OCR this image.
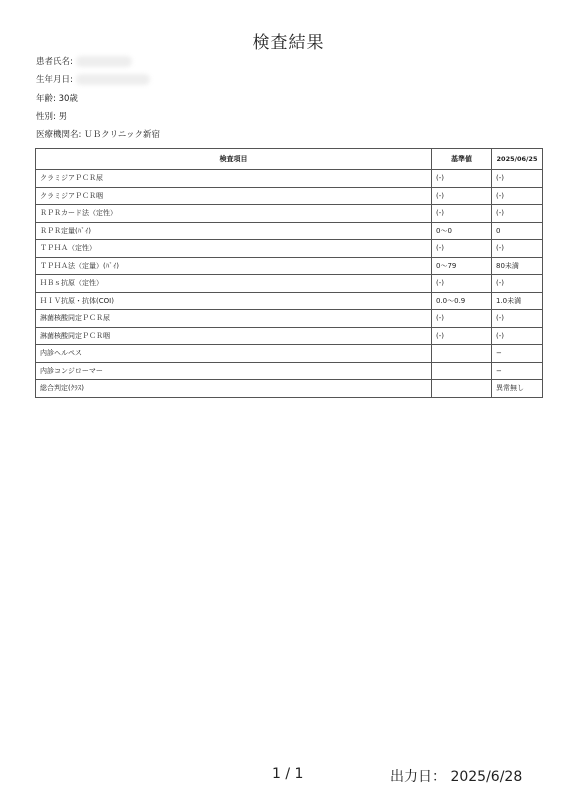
検査結果
患者氏名:
生年月日:
年齢: 30歳
性別: 男
医療機関名: ＵＢクリニック新宿
検査項目	基準値	2025/06/25
クラミジアＰＣＲ尿	(-)	(-)
クラミジアＰＣＲ咽	(-)	(-)
ＲＰＲカード法（定性）	(-)	(-)
ＲＰＲ定量(ﾊﾞｲ)	0〜0	0
ＴＰＨＡ（定性）	(-)	(-)
ＴＰＨＡ法（定量）(ﾊﾞｲ)	0〜79	80未満
ＨＢｓ抗原（定性）	(-)	(-)
ＨＩＶ抗原・抗体(COI)	0.0〜0.9	1.0未満
淋菌核酸同定ＰＣＲ尿	(-)	(-)
淋菌核酸同定ＰＣＲ咽	(-)	(-)
内診ヘルペス		−
内診コンジローマー		−
総合判定(ｸﾗｽ)		異常無し
1 / 1	出力日： 2025/6/28
